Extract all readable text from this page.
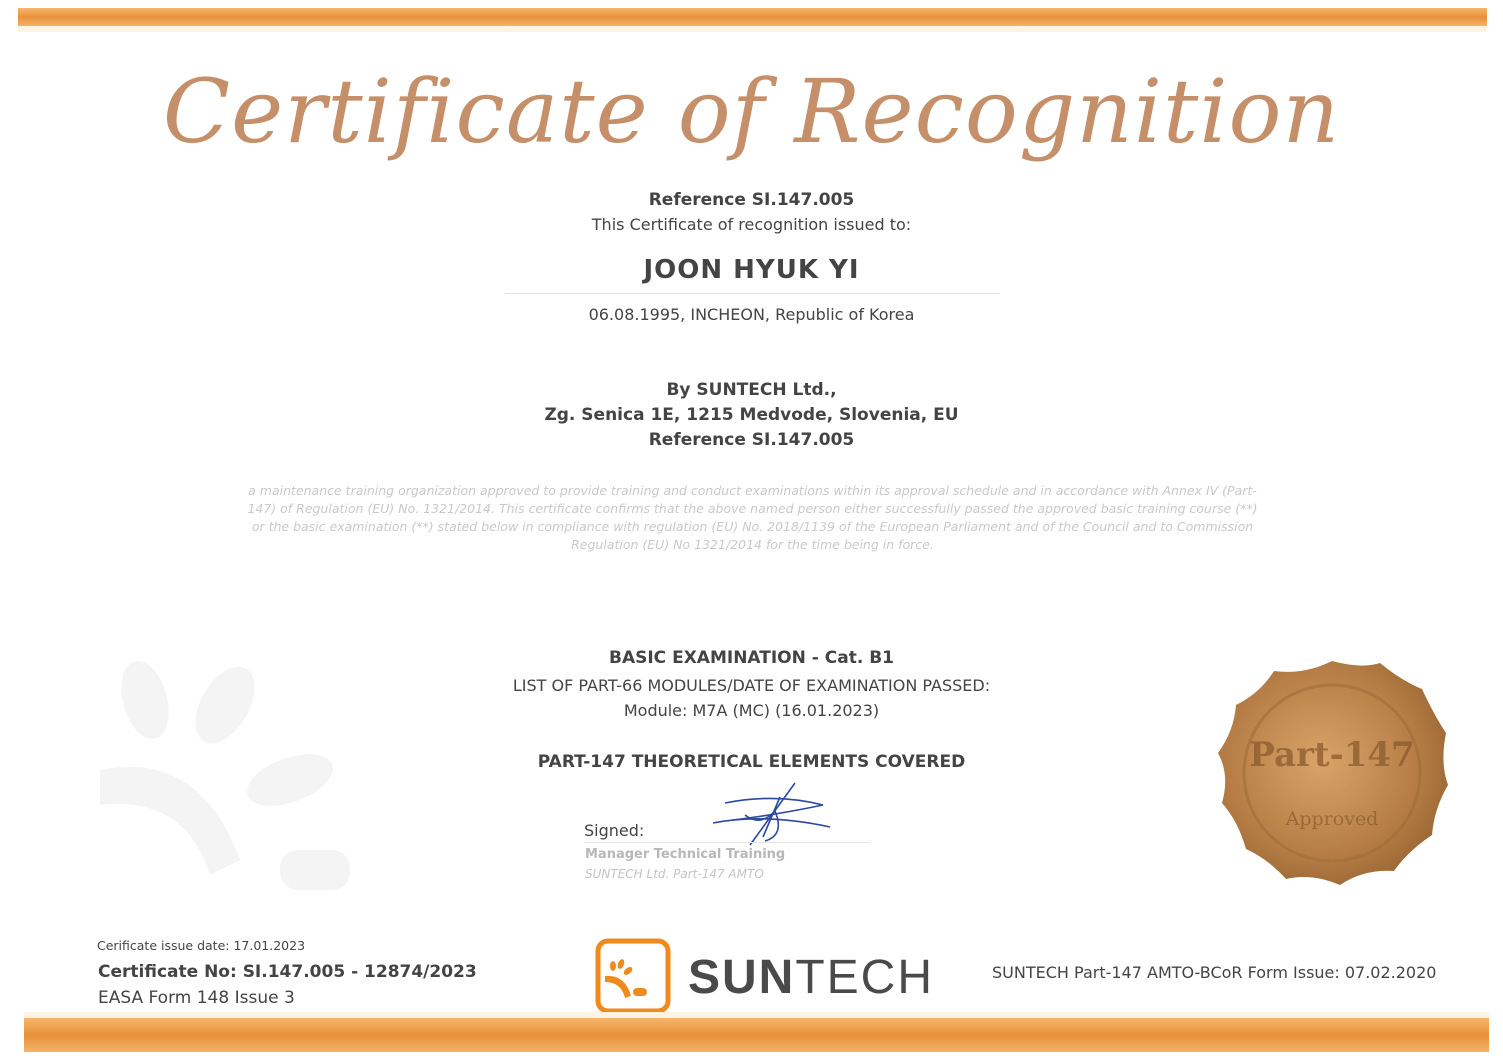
Certificate of Recognition
Reference SI.147.005
This Certificate of recognition issued to:
JOON HYUK YI
06.08.1995, INCHEON, Republic of Korea
By SUNTECH Ltd.,
Zg. Senica 1E, 1215 Medvode, Slovenia, EU
Reference SI.147.005
a maintenance training organization approved to provide training and conduct examinations within its approval schedule and in accordance with Annex IV (Part-147) of Regulation (EU) No. 1321/2014. This certificate confirms that the above named person either successfully passed the approved basic training course (**) or the basic examination (**) stated below in compliance with regulation (EU) No. 2018/1139 of the European Parliament and of the Council and to Commission Regulation (EU) No 1321/2014 for the time being in force.
BASIC EXAMINATION - Cat. B1
LIST OF PART-66 MODULES/DATE OF EXAMINATION PASSED:
Module: M7A (MC) (16.01.2023)
PART-147 THEORETICAL ELEMENTS COVERED
Signed:
Manager Technical Training
SUNTECH Ltd. Part-147 AMTO
Part-147
Approved
Cerificate issue date: 17.01.2023
Certificate No: SI.147.005 - 12874/2023
EASA Form 148 Issue 3	SUNTECH	SUNTECH Part-147 AMTO-BCoR Form Issue: 07.02.2020
